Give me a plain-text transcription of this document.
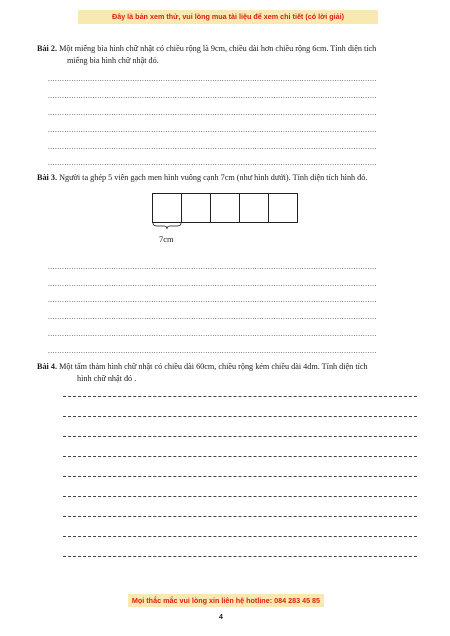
Đây là bản xem thử, vui lòng mua tài liệu để xem chi tiết (có lời giải)
Bài 2. Một miếng bìa hình chữ nhật có chiều rộng là 9cm, chiều dài hơn chiều rộng 6cm. Tính diện tích
miếng bìa hình chữ nhật đó.
............................................................................................................................................
............................................................................................................................................
............................................................................................................................................
............................................................................................................................................
............................................................................................................................................
............................................................................................................................................
Bài 3. Người ta ghép 5 viên gạch men hình vuông cạnh 7cm (như hình dưới). Tính diện tích hình đó.
7cm
............................................................................................................................................
............................................................................................................................................
............................................................................................................................................
............................................................................................................................................
............................................................................................................................................
............................................................................................................................................
Bài 4. Một tấm thảm hình chữ nhật có chiều dài 60cm, chiều rộng kém chiều dài 4dm. Tính diện tích
hình chữ nhật đó .
Mọi thắc mắc vui lòng xin liên hệ hotline: 084 283 45 85
4
